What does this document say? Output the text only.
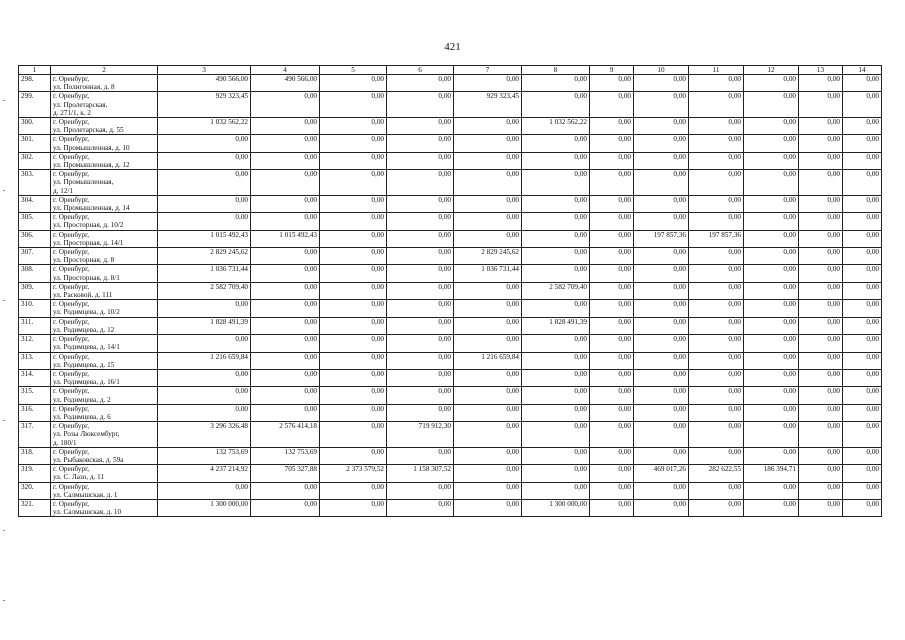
421
1	2	3	4	5	6	7	8	9	10	11	12	13	14
298.	г. Оренбург,
ул. Полигонная, д. 8	490 566,00	490 566,00	0,00	0,00	0,00	0,00	0,00	0,00	0,00	0,00	0,00	0,00
299.	г. Оренбург,
ул. Пролетарская,
д. 271/1, к. 2	929 323,45	0,00	0,00	0,00	929 323,45	0,00	0,00	0,00	0,00	0,00	0,00	0,00
300.	г. Оренбург,
ул. Пролетарская, д. 55	1 032 562,22	0,00	0,00	0,00	0,00	1 032 562,22	0,00	0,00	0,00	0,00	0,00	0,00
301.	г. Оренбург,
ул. Промышленная, д. 10	0,00	0,00	0,00	0,00	0,00	0,00	0,00	0,00	0,00	0,00	0,00	0,00
302.	г. Оренбург,
ул. Промышленная, д. 12	0,00	0,00	0,00	0,00	0,00	0,00	0,00	0,00	0,00	0,00	0,00	0,00
303.	г. Оренбург,
ул. Промышленная,
д. 12/1	0,00	0,00	0,00	0,00	0,00	0,00	0,00	0,00	0,00	0,00	0,00	0,00
304.	г. Оренбург,
ул. Промышленная, д. 14	0,00	0,00	0,00	0,00	0,00	0,00	0,00	0,00	0,00	0,00	0,00	0,00
305.	г. Оренбург,
ул. Просторная, д. 10/2	0,00	0,00	0,00	0,00	0,00	0,00	0,00	0,00	0,00	0,00	0,00	0,00
306.	г. Оренбург,
ул. Просторная, д. 14/1	1 015 492,43	1 015 492,43	0,00	0,00	0,00	0,00	0,00	197 857,36	197 857,36	0,00	0,00	0,00
307.	г. Оренбург,
ул. Просторная, д. 8	2 829 245,62	0,00	0,00	0,00	2 829 245,62	0,00	0,00	0,00	0,00	0,00	0,00	0,00
308.	г. Оренбург,
ул. Просторная, д. 8/1	1 036 731,44	0,00	0,00	0,00	1 036 731,44	0,00	0,00	0,00	0,00	0,00	0,00	0,00
309.	г. Оренбург,
ул. Расковой, д. 111	2 582 709,40	0,00	0,00	0,00	0,00	2 582 709,40	0,00	0,00	0,00	0,00	0,00	0,00
310.	г. Оренбург,
ул. Родимцева, д. 10/2	0,00	0,00	0,00	0,00	0,00	0,00	0,00	0,00	0,00	0,00	0,00	0,00
311.	г. Оренбург,
ул. Родимцева, д. 12	1 828 491,39	0,00	0,00	0,00	0,00	1 828 491,39	0,00	0,00	0,00	0,00	0,00	0,00
312.	г. Оренбург,
ул. Родимцева, д. 14/1	0,00	0,00	0,00	0,00	0,00	0,00	0,00	0,00	0,00	0,00	0,00	0,00
313.	г. Оренбург,
ул. Родимцева, д. 15	1 216 659,84	0,00	0,00	0,00	1 216 659,84	0,00	0,00	0,00	0,00	0,00	0,00	0,00
314.	г. Оренбург,
ул. Родимцева, д. 16/1	0,00	0,00	0,00	0,00	0,00	0,00	0,00	0,00	0,00	0,00	0,00	0,00
315.	г. Оренбург,
ул. Родимцева, д. 2	0,00	0,00	0,00	0,00	0,00	0,00	0,00	0,00	0,00	0,00	0,00	0,00
316.	г. Оренбург,
ул. Родимцева, д. 6	0,00	0,00	0,00	0,00	0,00	0,00	0,00	0,00	0,00	0,00	0,00	0,00
317.	г. Оренбург,
ул. Розы Люксембург,
д. 180/1	3 296 326,48	2 576 414,18	0,00	719 912,30	0,00	0,00	0,00	0,00	0,00	0,00	0,00	0,00
318.	г. Оренбург,
ул. Рыбаковская, д. 59а	132 753,69	132 753,69	0,00	0,00	0,00	0,00	0,00	0,00	0,00	0,00	0,00	0,00
319.	г. Оренбург,
ул. С. Лазо, д. 11	4 237 214,92	705 327,88	2 373 579,52	1 158 307,52	0,00	0,00	0,00	469 017,26	282 622,55	186 394,71	0,00	0,00
320.	г. Оренбург,
ул. Салмышская, д. 1	0,00	0,00	0,00	0,00	0,00	0,00	0,00	0,00	0,00	0,00	0,00	0,00
321.	г. Оренбург,
ул. Салмышская, д. 10	1 300 000,00	0,00	0,00	0,00	0,00	1 300 000,00	0,00	0,00	0,00	0,00	0,00	0,00
